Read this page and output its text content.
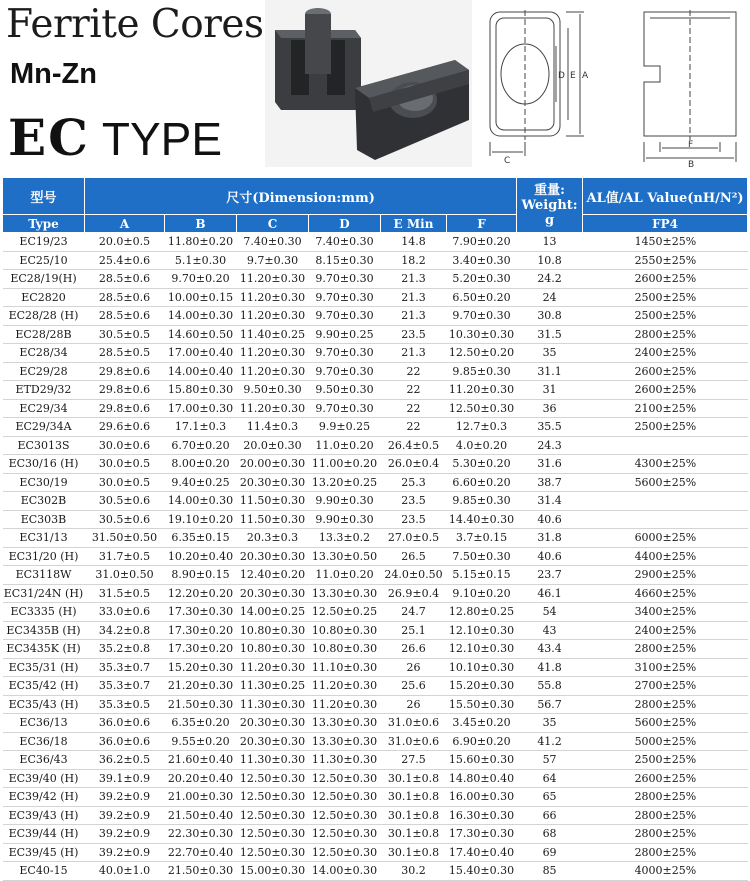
Ferrite Cores
Mn-Zn
EC TYPE
A
E
D
C
F
B
型号	尺寸(Dimension:mm)						重量: Weight:
g	AL值/AL Value(nH/N²)
Type	A	B	C	D	E Min	F		FP4
EC19/23	20.0±0.5	11.80±0.20	7.40±0.30	7.40±0.30	14.8	7.90±0.20	13	1450±25%
EC25/10	25.4±0.6	5.1±0.30	9.7±0.30	8.15±0.30	18.2	3.40±0.30	10.8	2550±25%
EC28/19(H)	28.5±0.6	9.70±0.20	11.20±0.30	9.70±0.30	21.3	5.20±0.30	24.2	2600±25%
EC2820	28.5±0.6	10.00±0.15	11.20±0.30	9.70±0.30	21.3	6.50±0.20	24	2500±25%
EC28/28 (H)	28.5±0.6	14.00±0.30	11.20±0.30	9.70±0.30	21.3	9.70±0.30	30.8	2500±25%
EC28/28B	30.5±0.5	14.60±0.50	11.40±0.25	9.90±0.25	23.5	10.30±0.30	31.5	2800±25%
EC28/34	28.5±0.5	17.00±0.40	11.20±0.30	9.70±0.30	21.3	12.50±0.20	35	2400±25%
EC29/28	29.8±0.6	14.00±0.40	11.20±0.30	9.70±0.30	22	9.85±0.30	31.1	2600±25%
ETD29/32	29.8±0.6	15.80±0.30	9.50±0.30	9.50±0.30	22	11.20±0.30	31	2600±25%
EC29/34	29.8±0.6	17.00±0.30	11.20±0.30	9.70±0.30	22	12.50±0.30	36	2100±25%
EC29/34A	29.6±0.6	17.1±0.3	11.4±0.3	9.9±0.25	22	12.7±0.3	35.5	2500±25%
EC3013S	30.0±0.6	6.70±0.20	20.0±0.30	11.0±0.20	26.4±0.5	4.0±0.20	24.3	
EC30/16 (H)	30.0±0.5	8.00±0.20	20.00±0.30	11.00±0.20	26.0±0.4	5.30±0.20	31.6	4300±25%
EC30/19	30.0±0.5	9.40±0.25	20.30±0.30	13.20±0.25	25.3	6.60±0.20	38.7	5600±25%
EC302B	30.5±0.6	14.00±0.30	11.50±0.30	9.90±0.30	23.5	9.85±0.30	31.4	
EC303B	30.5±0.6	19.10±0.20	11.50±0.30	9.90±0.30	23.5	14.40±0.30	40.6	
EC31/13	31.50±0.50	6.35±0.15	20.3±0.3	13.3±0.2	27.0±0.5	3.7±0.15	31.8	6000±25%
EC31/20 (H)	31.7±0.5	10.20±0.40	20.30±0.30	13.30±0.50	26.5	7.50±0.30	40.6	4400±25%
EC3118W	31.0±0.50	8.90±0.15	12.40±0.20	11.0±0.20	24.0±0.50	5.15±0.15	23.7	2900±25%
EC31/24N (H)	31.5±0.5	12.20±0.20	20.30±0.30	13.30±0.30	26.9±0.4	9.10±0.20	46.1	4660±25%
EC3335 (H)	33.0±0.6	17.30±0.30	14.00±0.25	12.50±0.25	24.7	12.80±0.25	54	3400±25%
EC3435B (H)	34.2±0.8	17.30±0.20	10.80±0.30	10.80±0.30	25.1	12.10±0.30	43	2400±25%
EC3435K (H)	35.2±0.8	17.30±0.20	10.80±0.30	10.80±0.30	26.6	12.10±0.30	43.4	2800±25%
EC35/31 (H)	35.3±0.7	15.20±0.30	11.20±0.30	11.10±0.30	26	10.10±0.30	41.8	3100±25%
EC35/42 (H)	35.3±0.7	21.20±0.30	11.30±0.25	11.20±0.30	25.6	15.20±0.30	55.8	2700±25%
EC35/43 (H)	35.3±0.5	21.50±0.30	11.30±0.30	11.20±0.30	26	15.50±0.30	56.7	2800±25%
EC36/13	36.0±0.6	6.35±0.20	20.30±0.30	13.30±0.30	31.0±0.6	3.45±0.20	35	5600±25%
EC36/18	36.0±0.6	9.55±0.20	20.30±0.30	13.30±0.30	31.0±0.6	6.90±0.20	41.2	5000±25%
EC36/43	36.2±0.5	21.60±0.40	11.30±0.30	11.30±0.30	27.5	15.60±0.30	57	2500±25%
EC39/40 (H)	39.1±0.9	20.20±0.40	12.50±0.30	12.50±0.30	30.1±0.8	14.80±0.40	64	2600±25%
EC39/42 (H)	39.2±0.9	21.00±0.30	12.50±0.30	12.50±0.30	30.1±0.8	16.00±0.30	65	2800±25%
EC39/43 (H)	39.2±0.9	21.50±0.40	12.50±0.30	12.50±0.30	30.1±0.8	16.30±0.30	66	2800±25%
EC39/44 (H)	39.2±0.9	22.30±0.30	12.50±0.30	12.50±0.30	30.1±0.8	17.30±0.30	68	2800±25%
EC39/45 (H)	39.2±0.9	22.70±0.40	12.50±0.30	12.50±0.30	30.1±0.8	17.40±0.40	69	2800±25%
EC40-15	40.0±1.0	21.50±0.30	15.00±0.30	14.00±0.30	30.2	15.40±0.30	85	4000±25%
